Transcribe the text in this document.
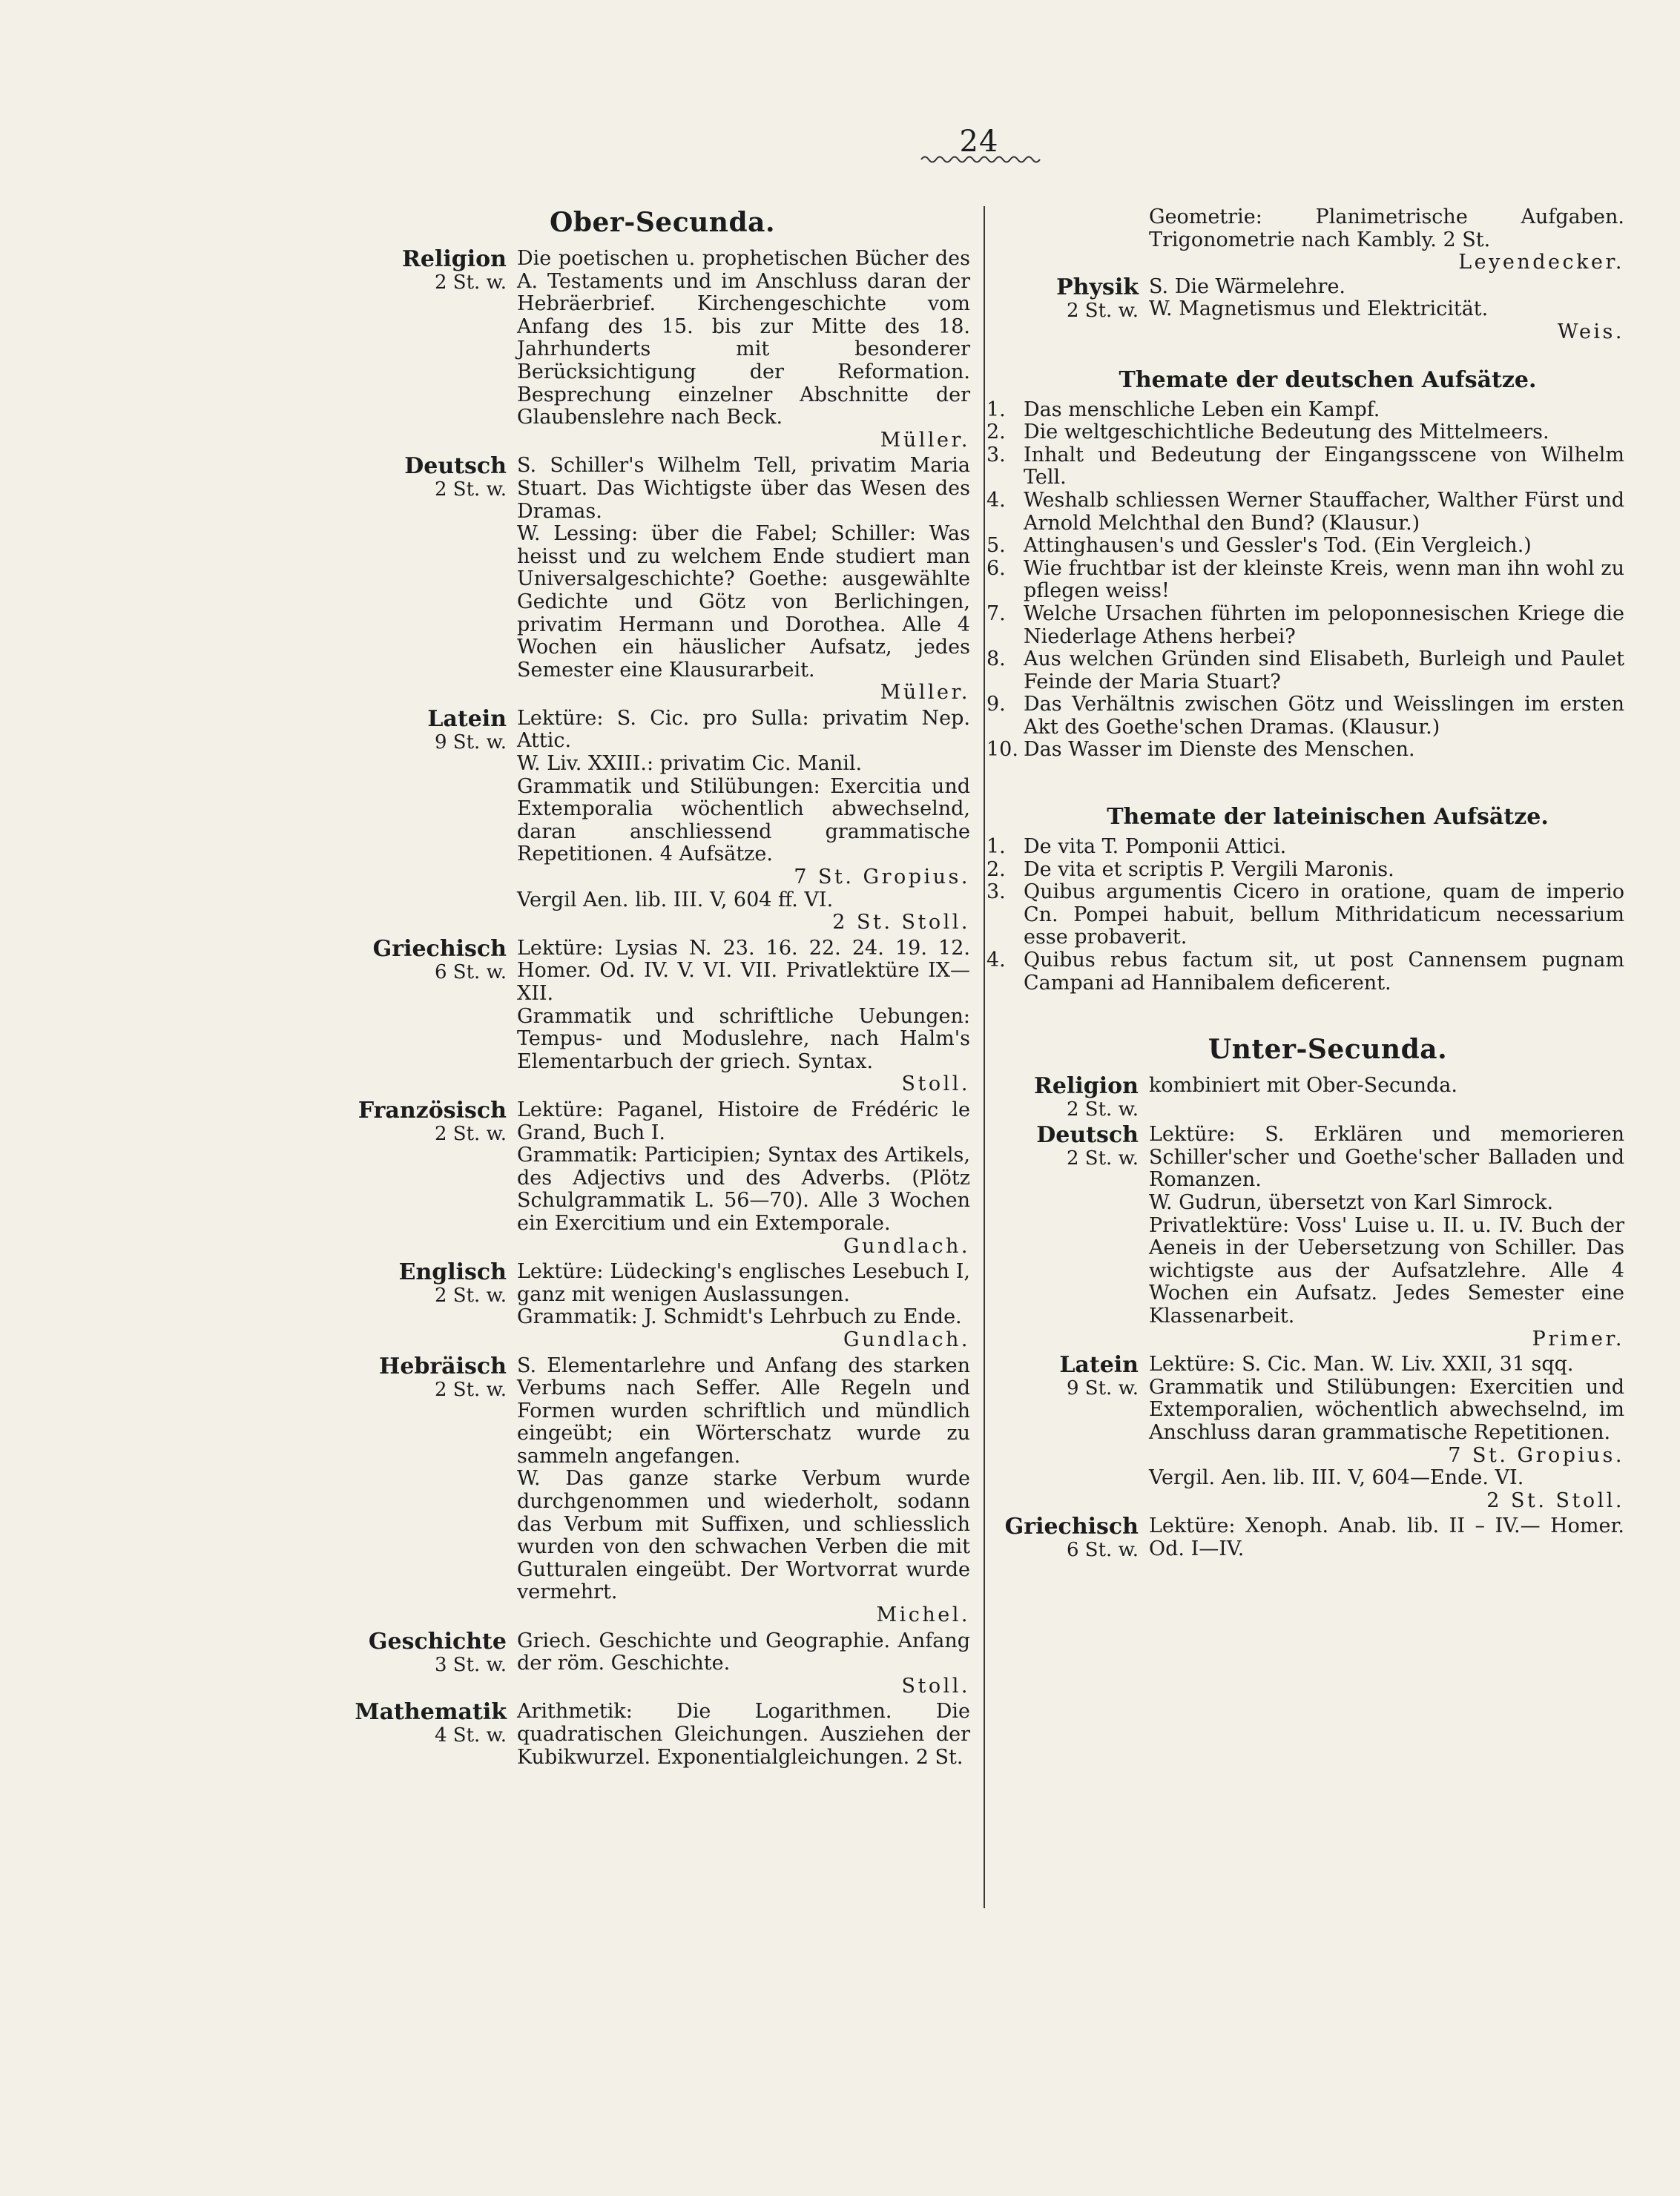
24
Ober-Secunda.
Religion
2 St. w.

Die poetischen u. prophetischen Bücher des A. Testaments und im Anschluss daran der Hebräerbrief. Kirchengeschichte vom Anfang des 15. bis zur Mitte des 18. Jahrhunderts mit besonderer Berücksichtigung der Reformation. Besprechung einzelner Abschnitte der Glaubenslehre nach Beck.

Müller.
Deutsch
2 St. w.

S. Schiller's Wilhelm Tell, privatim Maria Stuart. Das Wichtigste über das Wesen des Dramas.

W. Lessing: über die Fabel; Schiller: Was heisst und zu welchem Ende studiert man Universalgeschichte? Goethe: ausgewählte Gedichte und Götz von Berlichingen, privatim Hermann und Dorothea. Alle 4 Wochen ein häuslicher Aufsatz, jedes Semester eine Klausurarbeit.

Müller.
Latein
9 St. w.

Lektüre: S. Cic. pro Sulla: privatim Nep. Attic.

W. Liv. XXIII.: privatim Cic. Manil.

Grammatik und Stilübungen: Exercitia und Extemporalia wöchentlich abwechselnd, daran anschliessend grammatische Repetitionen. 4 Aufsätze.

7 St. Gropius.

Vergil Aen. lib. III. V, 604 ff. VI.

2 St. Stoll.
Griechisch
6 St. w.

Lektüre: Lysias N. 23. 16. 22. 24. 19. 12. Homer. Od. IV. V. VI. VII. Privatlektüre IX—XII.

Grammatik und schriftliche Uebungen: Tempus- und Moduslehre, nach Halm's Elementarbuch der griech. Syntax.

Stoll.
Französisch
2 St. w.

Lektüre: Paganel, Histoire de Frédéric le Grand, Buch I.

Grammatik: Participien; Syntax des Artikels, des Adjectivs und des Adverbs. (Plötz Schulgrammatik L. 56—70). Alle 3 Wochen ein Exercitium und ein Extemporale.

Gundlach.
Englisch
2 St. w.

Lektüre: Lüdecking's englisches Lesebuch I, ganz mit wenigen Auslassungen.

Grammatik: J. Schmidt's Lehrbuch zu Ende.

Gundlach.
Hebräisch
2 St. w.

S. Elementarlehre und Anfang des starken Verbums nach Seffer. Alle Regeln und Formen wurden schriftlich und mündlich eingeübt; ein Wörterschatz wurde zu sammeln angefangen.

W. Das ganze starke Verbum wurde durchgenommen und wiederholt, sodann das Verbum mit Suffixen, und schliesslich wurden von den schwachen Verben die mit Gutturalen eingeübt. Der Wortvorrat wurde vermehrt.

Michel.
Geschichte
3 St. w.

Griech. Geschichte und Geographie. Anfang der röm. Geschichte.

Stoll.
Mathematik
4 St. w.

Arithmetik: Die Logarithmen. Die quadratischen Gleichungen. Ausziehen der Kubikwurzel. Exponentialgleichungen. 2 St.

Geometrie: Planimetrische Aufgaben. Trigonometrie nach Kambly. 2 St.

Leyendecker.
Physik
2 St. w.

S. Die Wärmelehre.

W. Magnetismus und Elektricität.

Weis.
Themate der deutschen Aufsätze.
1. Das menschliche Leben ein Kampf.
2. Die weltgeschichtliche Bedeutung des Mittelmeers.
3. Inhalt und Bedeutung der Eingangsscene von Wilhelm Tell.
4. Weshalb schliessen Werner Stauffacher, Walther Fürst und Arnold Melchthal den Bund? (Klausur.)
5. Attinghausen's und Gessler's Tod. (Ein Vergleich.)
6. Wie fruchtbar ist der kleinste Kreis, wenn man ihn wohl zu pflegen weiss!
7. Welche Ursachen führten im peloponnesischen Kriege die Niederlage Athens herbei?
8. Aus welchen Gründen sind Elisabeth, Burleigh und Paulet Feinde der Maria Stuart?
9. Das Verhältnis zwischen Götz und Weisslingen im ersten Akt des Goethe'schen Dramas. (Klausur.)
10. Das Wasser im Dienste des Menschen.
Themate der lateinischen Aufsätze.
1. De vita T. Pomponii Attici.
2. De vita et scriptis P. Vergili Maronis.
3. Quibus argumentis Cicero in oratione, quam de imperio Cn. Pompei habuit, bellum Mithridaticum necessarium esse probaverit.
4. Quibus rebus factum sit, ut post Cannensem pugnam Campani ad Hannibalem deficerent.
Unter-Secunda.
Religion
2 St. w.

kombiniert mit Ober-Secunda.

Deutsch
2 St. w.

Lektüre: S. Erklären und memorieren Schiller'scher und Goethe'scher Balladen und Romanzen.

W. Gudrun, übersetzt von Karl Simrock.

Privatlektüre: Voss' Luise u. II. u. IV. Buch der Aeneis in der Uebersetzung von Schiller. Das wichtigste aus der Aufsatzlehre. Alle 4 Wochen ein Aufsatz. Jedes Semester eine Klassenarbeit.

Primer.
Latein
9 St. w.

Lektüre: S. Cic. Man. W. Liv. XXII, 31 sqq.

Grammatik und Stilübungen: Exercitien und Extemporalien, wöchentlich abwechselnd, im Anschluss daran grammatische Repetitionen.

7 St. Gropius.

Vergil. Aen. lib. III. V, 604—Ende. VI.

2 St. Stoll.
Griechisch
6 St. w.

Lektüre: Xenoph. Anab. lib. II – IV.— Homer. Od. I—IV.
